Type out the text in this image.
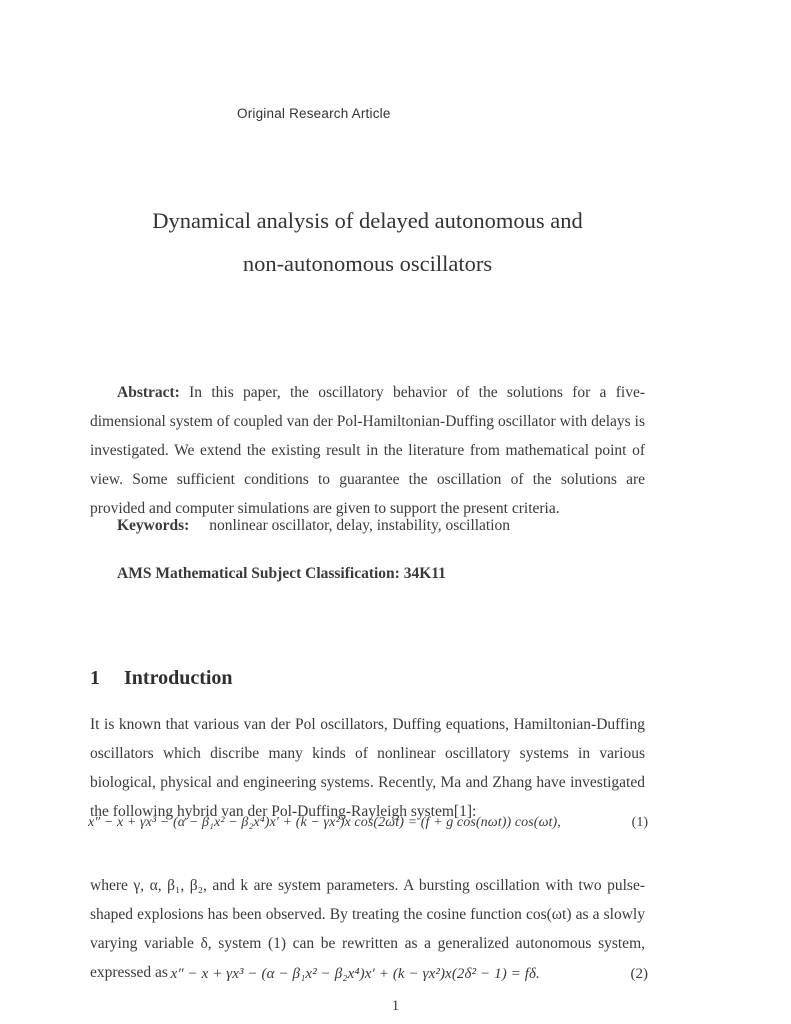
Original Research Article
Dynamical analysis of delayed autonomous and
non-autonomous oscillators

Abstract: In this paper, the oscillatory behavior of the solutions for a five-dimensional system of coupled van der Pol-Hamiltonian-Duffing oscillator with delays is investigated. We extend the existing result in the literature from mathematical point of view. Some sufficient conditions to guarantee the oscillation of the solutions are provided and computer simulations are given to support the present criteria.

Keywords: nonlinear oscillator, delay, instability, oscillation

AMS Mathematical Subject Classification: 34K11

1 Introduction

It is known that various van der Pol oscillators, Duffing equations, Hamiltonian-Duffing oscillators which discribe many kinds of nonlinear oscillatory systems in various biological, physical and engineering systems. Recently, Ma and Zhang have investigated the following hybrid van der Pol-Duffing-Rayleigh system[1]:

x″ − x + γx³ − (α − β₁x² − β₂x⁴)x′ + (k − γx²)x cos(2ωt) = (f + g cos(nωt)) cos(ωt),	(1)

where γ, α, β₁, β₂, and k are system parameters. A bursting oscillation with two pulse-shaped explosions has been observed. By treating the cosine function cos(ωt) as a slowly varying variable δ, system (1) can be rewritten as a generalized autonomous system, expressed as x″ − x + γx³ − (α − β₁x² − β₂x⁴)x′ + (k − γx²)x(2δ² − 1) = fδ.	(2)
1
